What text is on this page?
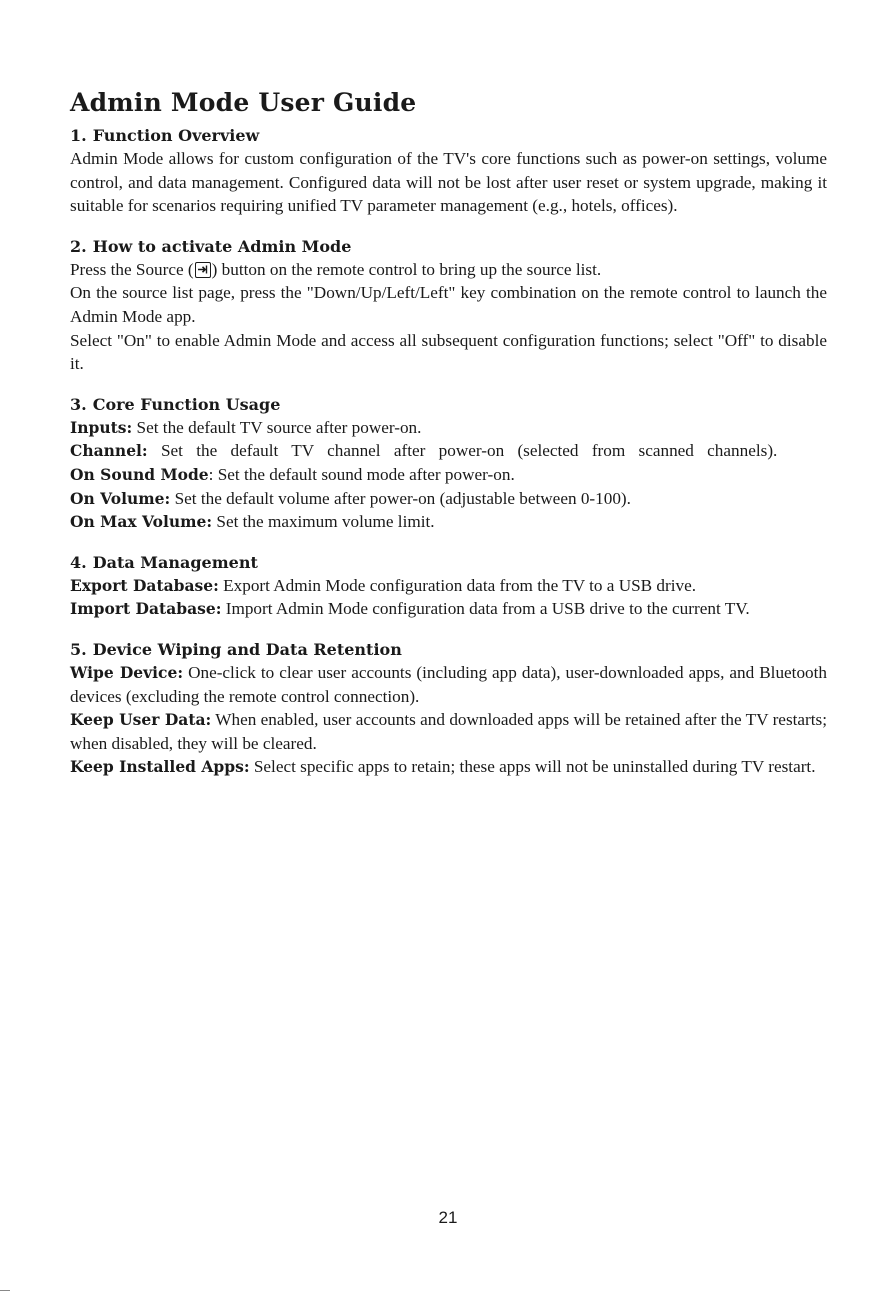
Admin Mode User Guide

1. Function Overview

Admin Mode allows for custom configuration of the TV's core functions such as power-on settings, volume control, and data management. Configured data will not be lost after user reset or system upgrade, making it suitable for scenarios requiring unified TV parameter management (e.g., hotels, offices).

2. How to activate Admin Mode

Press the Source ( ) button on the remote control to bring up the source list.

On the source list page, press the "Down/Up/Left/Left" key combination on the remote control to launch the Admin Mode app.

Select "On" to enable Admin Mode and access all subsequent configuration functions; select "Off" to disable it.

3. Core Function Usage

Inputs: Set the default TV source after power-on.

Channel: Set the default TV channel after power-on (selected from scanned channels).

On Sound Mode: Set the default sound mode after power-on.

On Volume: Set the default volume after power-on (adjustable between 0-100).

On Max Volume: Set the maximum volume limit.

4. Data Management

Export Database: Export Admin Mode configuration data from the TV to a USB drive.

Import Database: Import Admin Mode configuration data from a USB drive to the current TV.

5. Device Wiping and Data Retention

Wipe Device: One-click to clear user accounts (including app data), user-downloaded apps, and Bluetooth devices (excluding the remote control connection).

Keep User Data: When enabled, user accounts and downloaded apps will be retained after the TV restarts; when disabled, they will be cleared.

Keep Installed Apps: Select specific apps to retain; these apps will not be uninstalled during TV restart.

21
